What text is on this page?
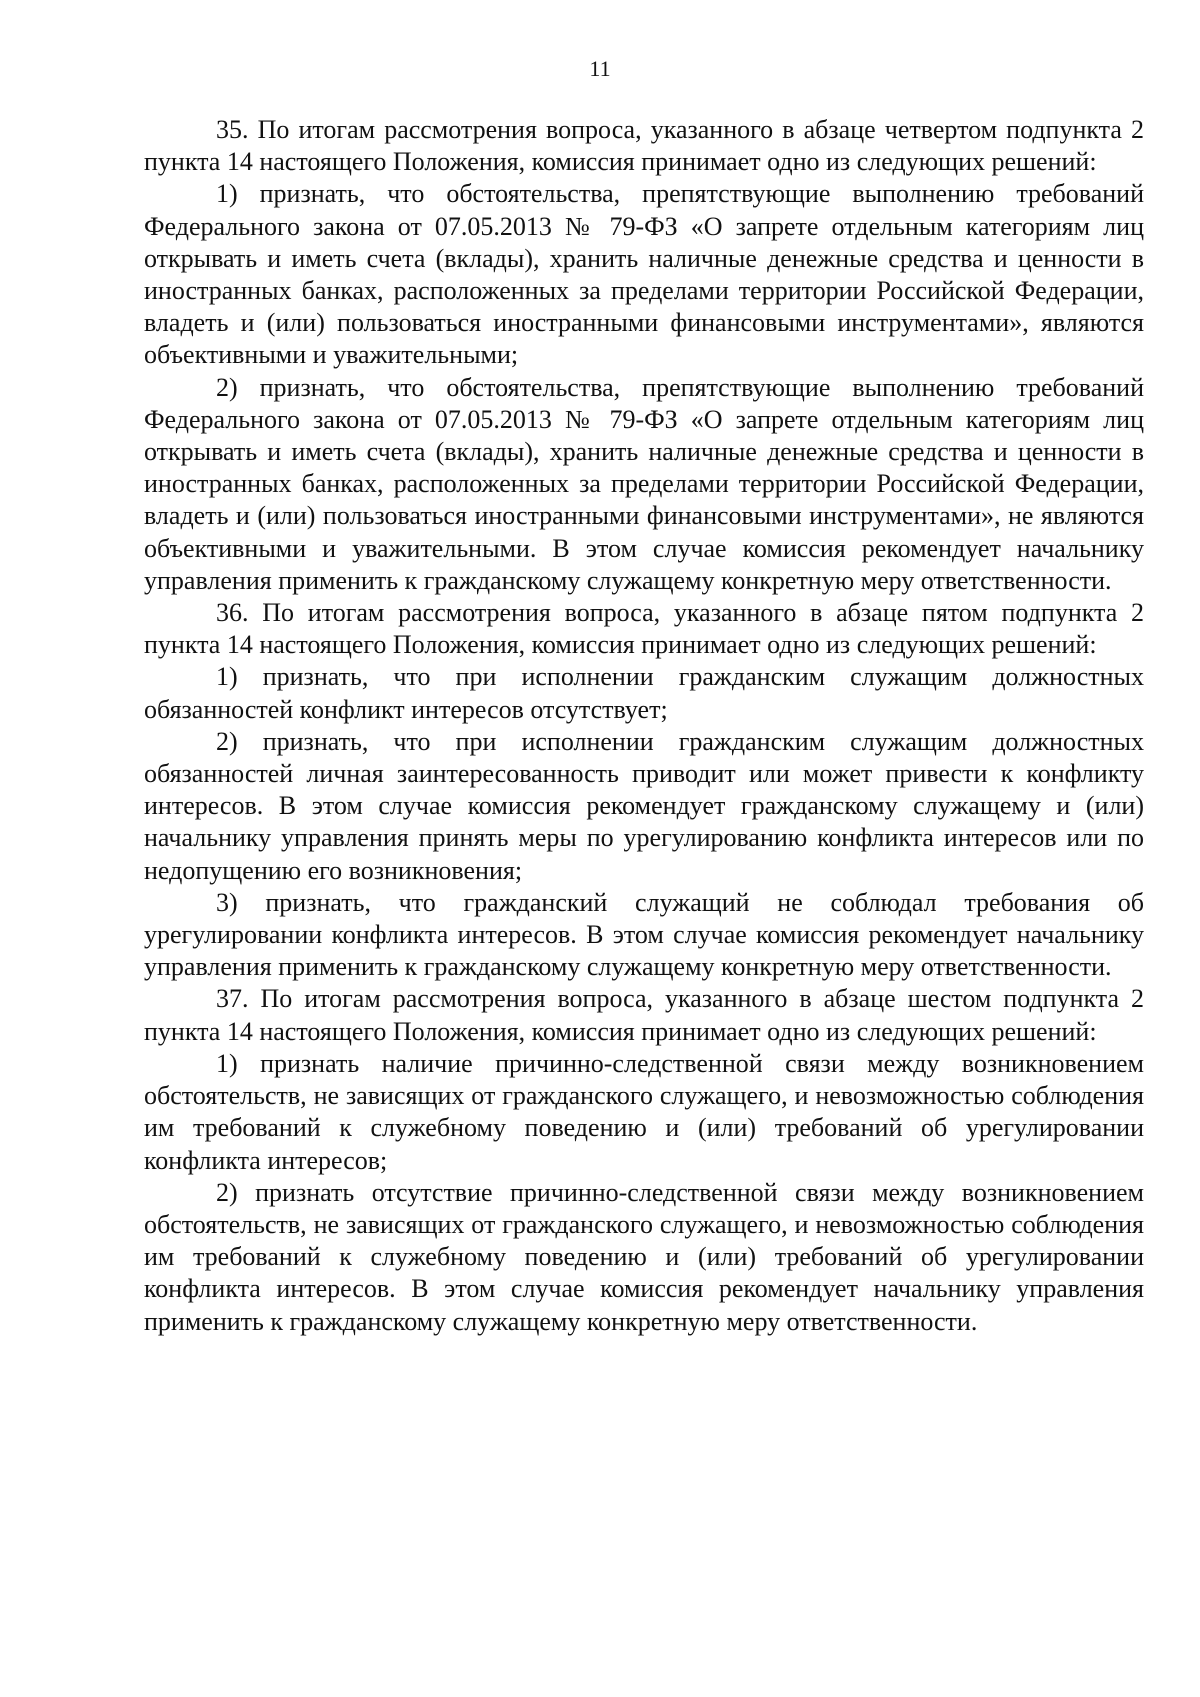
11

35. По итогам рассмотрения вопроса, указанного в абзаце четвертом подпункта 2 пункта 14 настоящего Положения, комиссия принимает одно из следующих решений:

1) признать, что обстоятельства, препятствующие выполнению требований Федерального закона от 07.05.2013 № 79-ФЗ «О запрете отдельным категориям лиц открывать и иметь счета (вклады), хранить наличные денежные средства и ценности в иностранных банках, расположенных за пределами территории Российской Федерации, владеть и (или) пользоваться иностранными финансовыми инструментами», являются объективными и уважительными;

2) признать, что обстоятельства, препятствующие выполнению требований Федерального закона от 07.05.2013 № 79-ФЗ «О запрете отдельным категориям лиц открывать и иметь счета (вклады), хранить наличные денежные средства и ценности в иностранных банках, расположенных за пределами территории Российской Федерации, владеть и (или) пользоваться иностранными финансовыми инструментами», не являются объективными и уважительными. В этом случае комиссия рекомендует начальнику управления применить к гражданскому служащему конкретную меру ответственности.

36. По итогам рассмотрения вопроса, указанного в абзаце пятом подпункта 2 пункта 14 настоящего Положения, комиссия принимает одно из следующих решений:

1) признать, что при исполнении гражданским служащим должностных обязанностей конфликт интересов отсутствует;

2) признать, что при исполнении гражданским служащим должностных обязанностей личная заинтересованность приводит или может привести к конфликту интересов. В этом случае комиссия рекомендует гражданскому служащему и (или) начальнику управления принять меры по урегулированию конфликта интересов или по недопущению его возникновения;

3) признать, что гражданский служащий не соблюдал требования об урегулировании конфликта интересов. В этом случае комиссия рекомендует начальнику управления применить к гражданскому служащему конкретную меру ответственности.

37. По итогам рассмотрения вопроса, указанного в абзаце шестом подпункта 2 пункта 14 настоящего Положения, комиссия принимает одно из следующих решений:

1) признать наличие причинно-следственной связи между возникновением обстоятельств, не зависящих от гражданского служащего, и невозможностью соблюдения им требований к служебному поведению и (или) требований об урегулировании конфликта интересов;

2) признать отсутствие причинно-следственной связи между возникновением обстоятельств, не зависящих от гражданского служащего, и невозможностью соблюдения им требований к служебному поведению и (или) требований об урегулировании конфликта интересов. В этом случае комиссия рекомендует начальнику управления применить к гражданскому служащему конкретную меру ответственности.
